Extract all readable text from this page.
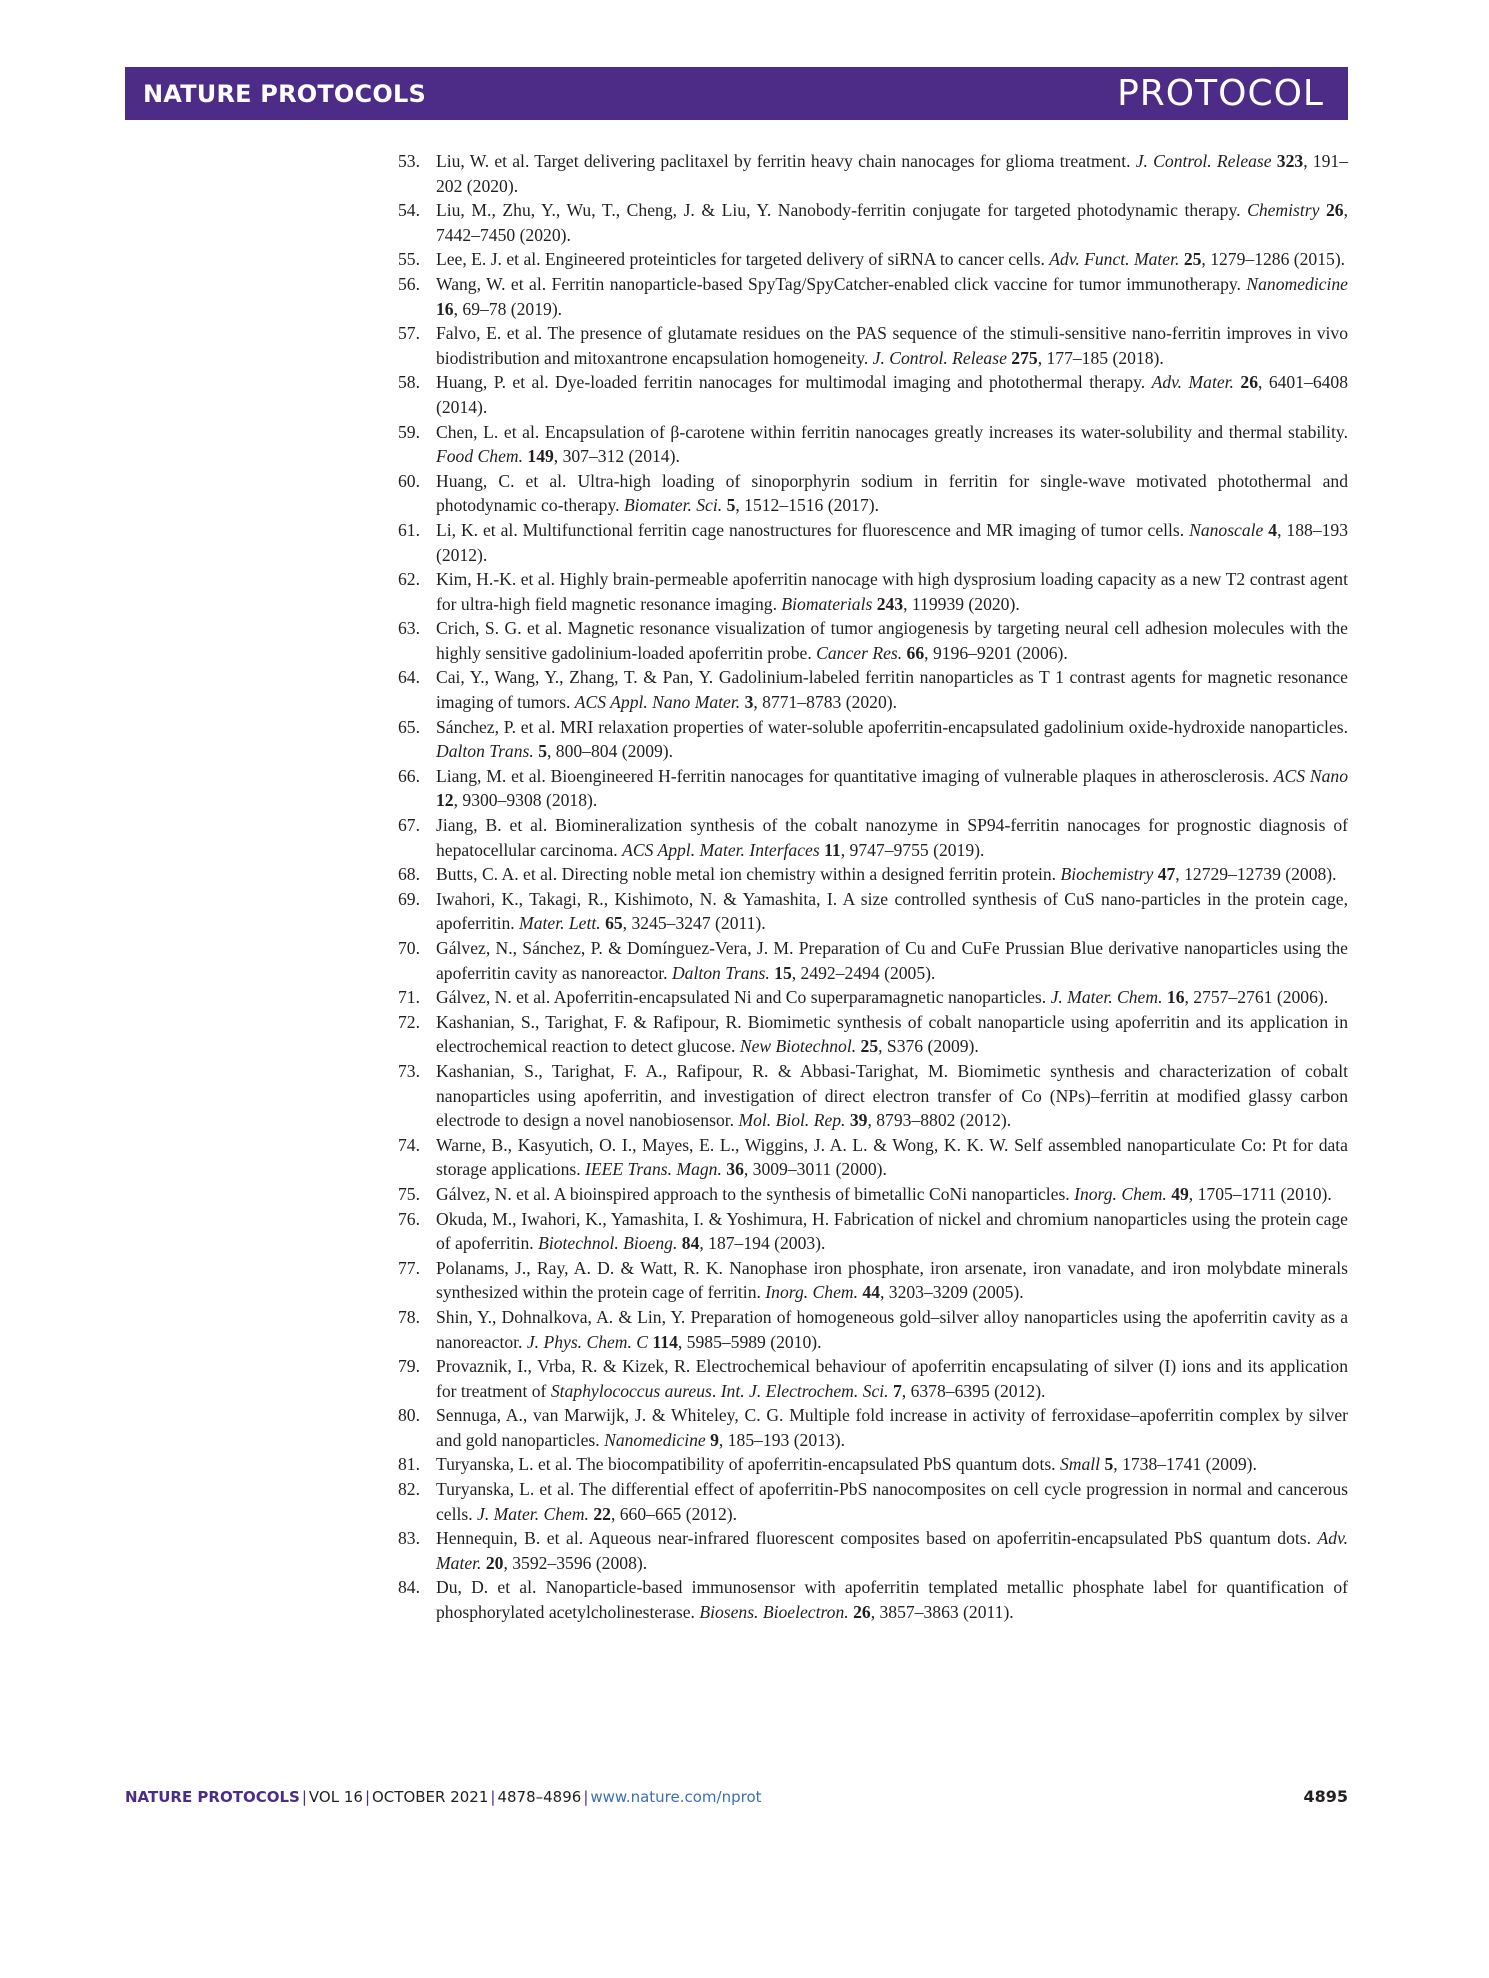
NATURE PROTOCOLS	PROTOCOL
53. Liu, W. et al. Target delivering paclitaxel by ferritin heavy chain nanocages for glioma treatment. J. Control. Release 323, 191–202 (2020).
54. Liu, M., Zhu, Y., Wu, T., Cheng, J. & Liu, Y. Nanobody-ferritin conjugate for targeted photodynamic therapy. Chemistry 26, 7442–7450 (2020).
55. Lee, E. J. et al. Engineered proteinticles for targeted delivery of siRNA to cancer cells. Adv. Funct. Mater. 25, 1279–1286 (2015).
56. Wang, W. et al. Ferritin nanoparticle-based SpyTag/SpyCatcher-enabled click vaccine for tumor immunotherapy. Nanomedicine 16, 69–78 (2019).
57. Falvo, E. et al. The presence of glutamate residues on the PAS sequence of the stimuli-sensitive nano-ferritin improves in vivo biodistribution and mitoxantrone encapsulation homogeneity. J. Control. Release 275, 177–185 (2018).
58. Huang, P. et al. Dye-loaded ferritin nanocages for multimodal imaging and photothermal therapy. Adv. Mater. 26, 6401–6408 (2014).
59. Chen, L. et al. Encapsulation of β-carotene within ferritin nanocages greatly increases its water-solubility and thermal stability. Food Chem. 149, 307–312 (2014).
60. Huang, C. et al. Ultra-high loading of sinoporphyrin sodium in ferritin for single-wave motivated photothermal and photodynamic co-therapy. Biomater. Sci. 5, 1512–1516 (2017).
61. Li, K. et al. Multifunctional ferritin cage nanostructures for fluorescence and MR imaging of tumor cells. Nanoscale 4, 188–193 (2012).
62. Kim, H.-K. et al. Highly brain-permeable apoferritin nanocage with high dysprosium loading capacity as a new T2 contrast agent for ultra-high field magnetic resonance imaging. Biomaterials 243, 119939 (2020).
63. Crich, S. G. et al. Magnetic resonance visualization of tumor angiogenesis by targeting neural cell adhesion molecules with the highly sensitive gadolinium-loaded apoferritin probe. Cancer Res. 66, 9196–9201 (2006).
64. Cai, Y., Wang, Y., Zhang, T. & Pan, Y. Gadolinium-labeled ferritin nanoparticles as T 1 contrast agents for magnetic resonance imaging of tumors. ACS Appl. Nano Mater. 3, 8771–8783 (2020).
65. Sánchez, P. et al. MRI relaxation properties of water-soluble apoferritin-encapsulated gadolinium oxide-hydroxide nanoparticles. Dalton Trans. 5, 800–804 (2009).
66. Liang, M. et al. Bioengineered H-ferritin nanocages for quantitative imaging of vulnerable plaques in atherosclerosis. ACS Nano 12, 9300–9308 (2018).
67. Jiang, B. et al. Biomineralization synthesis of the cobalt nanozyme in SP94-ferritin nanocages for prognostic diagnosis of hepatocellular carcinoma. ACS Appl. Mater. Interfaces 11, 9747–9755 (2019).
68. Butts, C. A. et al. Directing noble metal ion chemistry within a designed ferritin protein. Biochemistry 47, 12729–12739 (2008).
69. Iwahori, K., Takagi, R., Kishimoto, N. & Yamashita, I. A size controlled synthesis of CuS nano-particles in the protein cage, apoferritin. Mater. Lett. 65, 3245–3247 (2011).
70. Gálvez, N., Sánchez, P. & Domínguez-Vera, J. M. Preparation of Cu and CuFe Prussian Blue derivative nanoparticles using the apoferritin cavity as nanoreactor. Dalton Trans. 15, 2492–2494 (2005).
71. Gálvez, N. et al. Apoferritin-encapsulated Ni and Co superparamagnetic nanoparticles. J. Mater. Chem. 16, 2757–2761 (2006).
72. Kashanian, S., Tarighat, F. & Rafipour, R. Biomimetic synthesis of cobalt nanoparticle using apoferritin and its application in electrochemical reaction to detect glucose. New Biotechnol. 25, S376 (2009).
73. Kashanian, S., Tarighat, F. A., Rafipour, R. & Abbasi-Tarighat, M. Biomimetic synthesis and characterization of cobalt nanoparticles using apoferritin, and investigation of direct electron transfer of Co (NPs)–ferritin at modified glassy carbon electrode to design a novel nanobiosensor. Mol. Biol. Rep. 39, 8793–8802 (2012).
74. Warne, B., Kasyutich, O. I., Mayes, E. L., Wiggins, J. A. L. & Wong, K. K. W. Self assembled nanoparticulate Co: Pt for data storage applications. IEEE Trans. Magn. 36, 3009–3011 (2000).
75. Gálvez, N. et al. A bioinspired approach to the synthesis of bimetallic CoNi nanoparticles. Inorg. Chem. 49, 1705–1711 (2010).
76. Okuda, M., Iwahori, K., Yamashita, I. & Yoshimura, H. Fabrication of nickel and chromium nanoparticles using the protein cage of apoferritin. Biotechnol. Bioeng. 84, 187–194 (2003).
77. Polanams, J., Ray, A. D. & Watt, R. K. Nanophase iron phosphate, iron arsenate, iron vanadate, and iron molybdate minerals synthesized within the protein cage of ferritin. Inorg. Chem. 44, 3203–3209 (2005).
78. Shin, Y., Dohnalkova, A. & Lin, Y. Preparation of homogeneous gold–silver alloy nanoparticles using the apoferritin cavity as a nanoreactor. J. Phys. Chem. C 114, 5985–5989 (2010).
79. Provaznik, I., Vrba, R. & Kizek, R. Electrochemical behaviour of apoferritin encapsulating of silver (I) ions and its application for treatment of Staphylococcus aureus. Int. J. Electrochem. Sci. 7, 6378–6395 (2012).
80. Sennuga, A., van Marwijk, J. & Whiteley, C. G. Multiple fold increase in activity of ferroxidase–apoferritin complex by silver and gold nanoparticles. Nanomedicine 9, 185–193 (2013).
81. Turyanska, L. et al. The biocompatibility of apoferritin-encapsulated PbS quantum dots. Small 5, 1738–1741 (2009).
82. Turyanska, L. et al. The differential effect of apoferritin-PbS nanocomposites on cell cycle progression in normal and cancerous cells. J. Mater. Chem. 22, 660–665 (2012).
83. Hennequin, B. et al. Aqueous near-infrared fluorescent composites based on apoferritin-encapsulated PbS quantum dots. Adv. Mater. 20, 3592–3596 (2008).
84. Du, D. et al. Nanoparticle-based immunosensor with apoferritin templated metallic phosphate label for quantification of phosphorylated acetylcholinesterase. Biosens. Bioelectron. 26, 3857–3863 (2011).
NATURE PROTOCOLS | VOL 16 | OCTOBER 2021 | 4878–4896 | www.nature.com/nprot	4895
